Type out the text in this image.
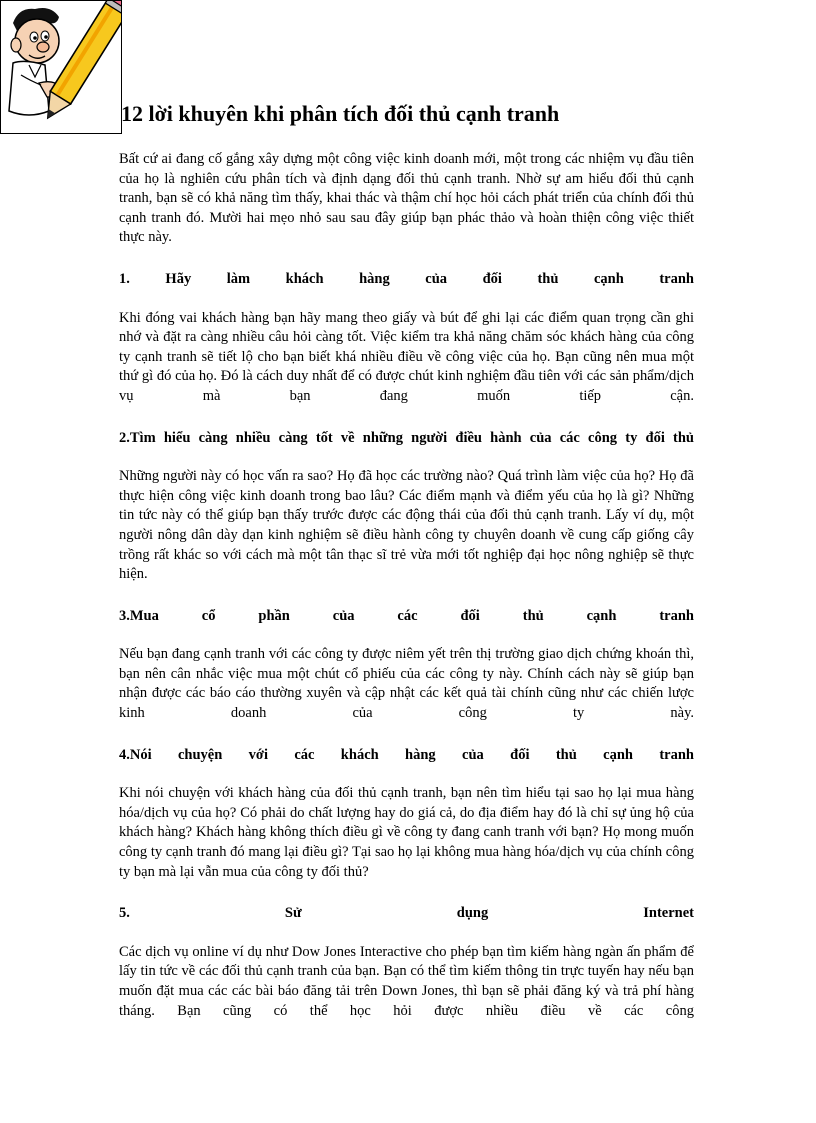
12 lời khuyên khi phân tích đối thủ cạnh tranh

Bất cứ ai đang cố gắng xây dựng một công việc kinh doanh mới, một trong các nhiệm vụ đầu tiên của họ là nghiên cứu phân tích và định dạng đối thủ cạnh tranh. Nhờ sự am hiểu đối thủ cạnh tranh, bạn sẽ có khả năng tìm thấy, khai thác và thậm chí học hỏi cách phát triển của chính đối thủ cạnh tranh đó. Mười hai mẹo nhỏ sau sau đây giúp bạn phác thảo và hoàn thiện công việc thiết thực này.

1. Hãy làm khách hàng của đối thủ cạnh tranh

Khi đóng vai khách hàng bạn hãy mang theo giấy và bút để ghi lại các điểm quan trọng cần ghi nhớ và đặt ra càng nhiều câu hỏi càng tốt. Việc kiểm tra khả năng chăm sóc khách hàng của công ty cạnh tranh sẽ tiết lộ cho bạn biết khá nhiều điều về công việc của họ. Bạn cũng nên mua một thứ gì đó của họ. Đó là cách duy nhất để có được chút kinh nghiệm đầu tiên với các sản phẩm/dịch vụ mà bạn đang muốn tiếp cận.

2.Tìm hiểu càng nhiều càng tốt về những người điều hành của các công ty đối thủ

Những người này có học vấn ra sao? Họ đã học các trường nào? Quá trình làm việc của họ? Họ đã thực hiện công việc kinh doanh trong bao lâu? Các điểm mạnh và điểm yếu của họ là gì? Những tin tức này có thể giúp bạn thấy trước được các động thái của đối thủ cạnh tranh. Lấy ví dụ, một người nông dân dày dạn kinh nghiệm sẽ điều hành công ty chuyên doanh về cung cấp giống cây trồng rất khác so với cách mà một tân thạc sĩ trẻ vừa mới tốt nghiệp đại học nông nghiệp sẽ thực hiện.

3.Mua cổ phần của các đối thủ cạnh tranh

Nếu bạn đang cạnh tranh với các công ty được niêm yết trên thị trường giao dịch chứng khoán thì, bạn nên cân nhắc việc mua một chút cổ phiếu của các công ty này. Chính cách này sẽ giúp bạn nhận được các báo cáo thường xuyên và cập nhật các kết quả tài chính cũng như các chiến lược kinh doanh của công ty này.

4.Nói chuyện với các khách hàng của đối thủ cạnh tranh

Khi nói chuyện với khách hàng của đối thủ cạnh tranh, bạn nên tìm hiểu tại sao họ lại mua hàng hóa/dịch vụ của họ? Có phải do chất lượng hay do giá cả, do địa điểm hay đó là chỉ sự ủng hộ của khách hàng? Khách hàng không thích điều gì về công ty đang canh tranh với bạn? Họ mong muốn công ty cạnh tranh đó mang lại điều gì? Tại sao họ lại không mua hàng hóa/dịch vụ của chính công ty bạn mà lại vẫn mua của công ty đối thủ?

5. Sử dụng Internet

Các dịch vụ online ví dụ như Dow Jones Interactive cho phép bạn tìm kiếm hàng ngàn ấn phẩm để lấy tin tức về các đối thủ cạnh tranh của bạn. Bạn có thể tìm kiếm thông tin trực tuyến hay nếu bạn muốn đặt mua các các bài báo đăng tải trên Down Jones, thì bạn sẽ phải đăng ký và trả phí hàng tháng. Bạn cũng có thể học hỏi được nhiều điều về các công
